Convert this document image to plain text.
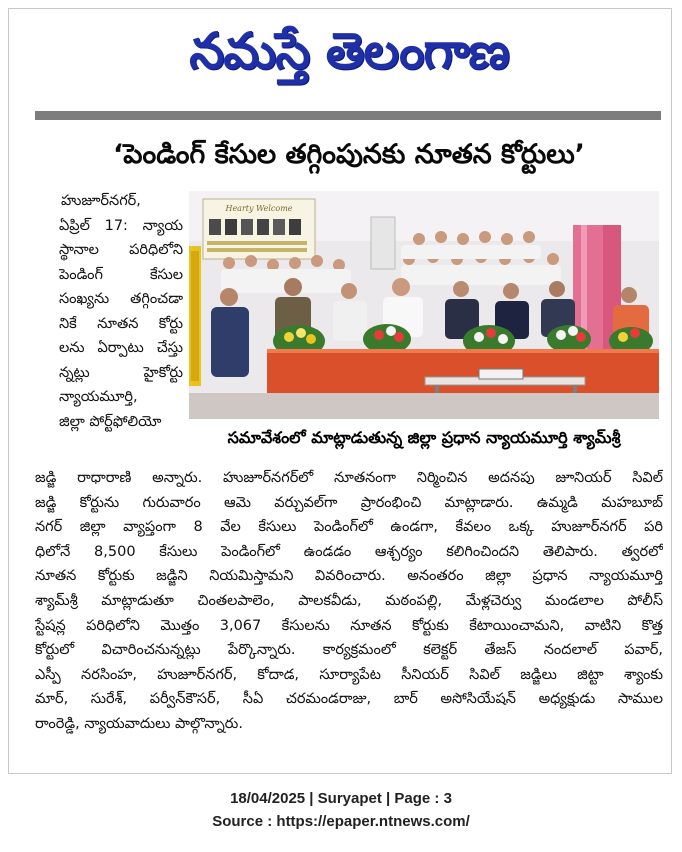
నమస్తే తెలంగాణ
‘పెండింగ్ కేసుల తగ్గింపునకు నూతన కోర్టులు’
హుజూర్‌నగర్,
ఏప్రిల్ 17: న్యాయ
స్థానాల పరిధిలోని
పెండింగ్ కేసుల
సంఖ్యను తగ్గించడా
నికే నూతన కోర్టు
లను ఏర్పాటు చేస్తు
న్నట్లు హైకోర్టు
న్యాయమూర్తి,
జిల్లా పోర్ట్‌ఫోలియో
Hearty Welcome
సమావేశంలో మాట్లాడుతున్న జిల్లా ప్రధాన న్యాయమూర్తి శ్యామ్‌శ్రీ
జడ్జి రాధారాణి అన్నారు. హుజూర్‌నగర్‌లో నూతనంగా నిర్మించిన అదనపు జూనియర్ సివిల్
జడ్జి కోర్టును గురువారం ఆమె వర్చువల్‌గా ప్రారంభించి మాట్లాడారు. ఉమ్మడి మహబూబ్
నగర్ జిల్లా వ్యాప్తంగా 8 వేల కేసులు పెండింగ్‌లో ఉండగా, కేవలం ఒక్క హుజూర్‌నగర్ పరి
ధిలోనే 8,500 కేసులు పెండింగ్‌లో ఉండడం ఆశ్చర్యం కలిగించిందని తెలిపారు. త్వరలో
నూతన కోర్టుకు జడ్జిని నియమిస్తామని వివరించారు. అనంతరం జిల్లా ప్రధాన న్యాయమూర్తి
శ్యామ్‌శ్రీ మాట్లాడుతూ చింతలపాలెం, పాలకవీడు, మఠంపల్లి, మేళ్లచెర్వు మండలాల పోలీస్
స్టేషన్ల పరిధిలోని మొత్తం 3,067 కేసులను నూతన కోర్టుకు కేటాయించామని, వాటిని కొత్త
కోర్టులో విచారించనున్నట్లు పేర్కొన్నారు. కార్యక్రమంలో కలెక్టర్ తేజస్ నందలాల్ పవార్,
ఎస్పీ నరసింహ, హుజూర్‌నగర్, కోదాడ, సూర్యాపేట సీనియర్ సివిల్ జడ్జిలు జిట్టా శ్యాంకు
మార్, సురేశ్, పర్వీన్‌కౌసర్, సీఏ చరమండరాజు, బార్ అసోసియేషన్ అధ్యక్షుడు సాముల
రాంరెడ్డి, న్యాయవాదులు పాల్గొన్నారు.
18/04/2025 | Suryapet | Page : 3
Source : https://epaper.ntnews.com/
